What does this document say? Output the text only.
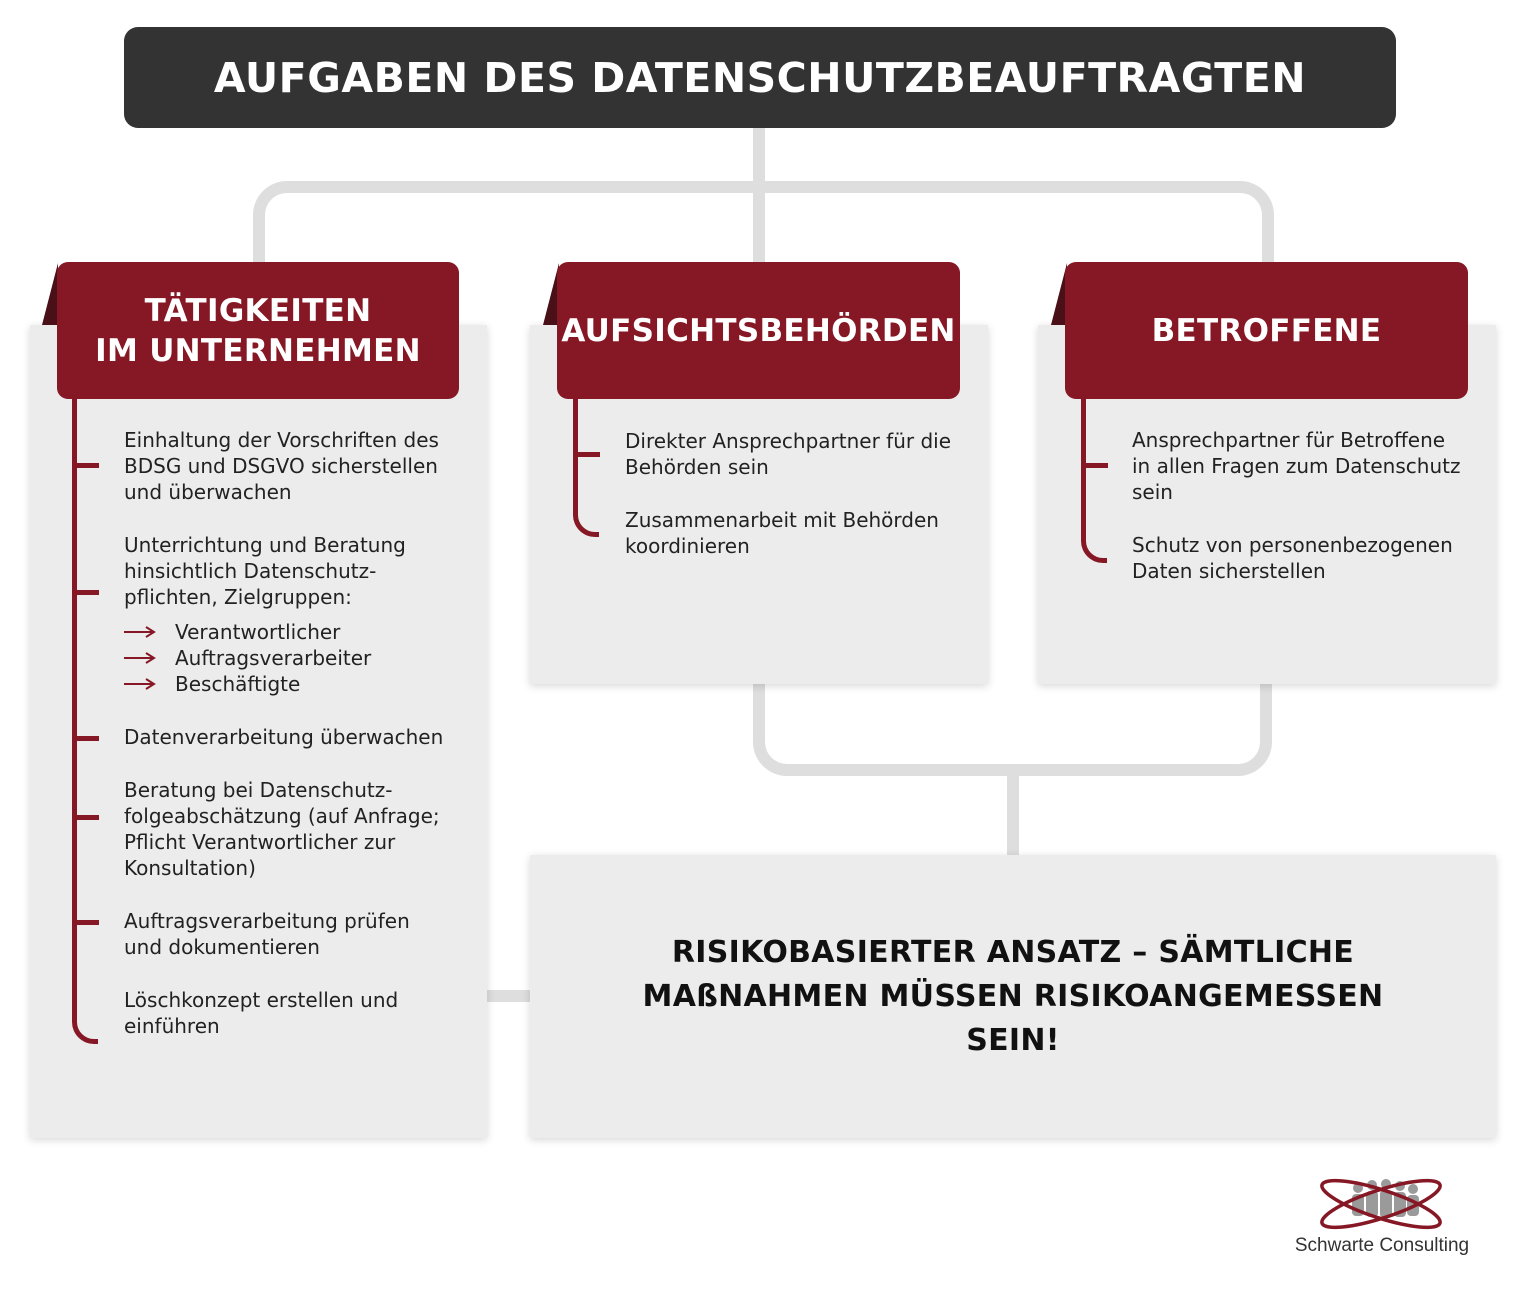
AUFGABEN DES DATENSCHUTZBEAUFTRAGTEN
TÄTIGKEITEN
IM UNTERNEHMEN
AUFSICHTSBEHÖRDEN	BETROFFENE
Einhaltung der Vorschriften des
BDSG und DSGVO sicherstellen
und überwachen
Unterrichtung und Beratung
hinsichtlich Datenschutz-
pflichten, Zielgruppen:
Verantwortlicher
Auftragsverarbeiter
Beschäftigte
Datenverarbeitung überwachen
Beratung bei Datenschutz-
folgeabschätzung (auf Anfrage;
Pflicht Verantwortlicher zur
Konsultation)
Auftragsverarbeitung prüfen
und dokumentieren
Löschkonzept erstellen und
einführen
Direkter Ansprechpartner für die
Behörden sein
Zusammenarbeit mit Behörden
koordinieren
Ansprechpartner für Betroffene
in allen Fragen zum Datenschutz
sein
Schutz von personenbezogenen
Daten sicherstellen
RISIKOBASIERTER ANSATZ – SÄMTLICHE
MAßNAHMEN MÜSSEN RISIKOANGEMESSEN
SEIN!
Schwarte Consulting
